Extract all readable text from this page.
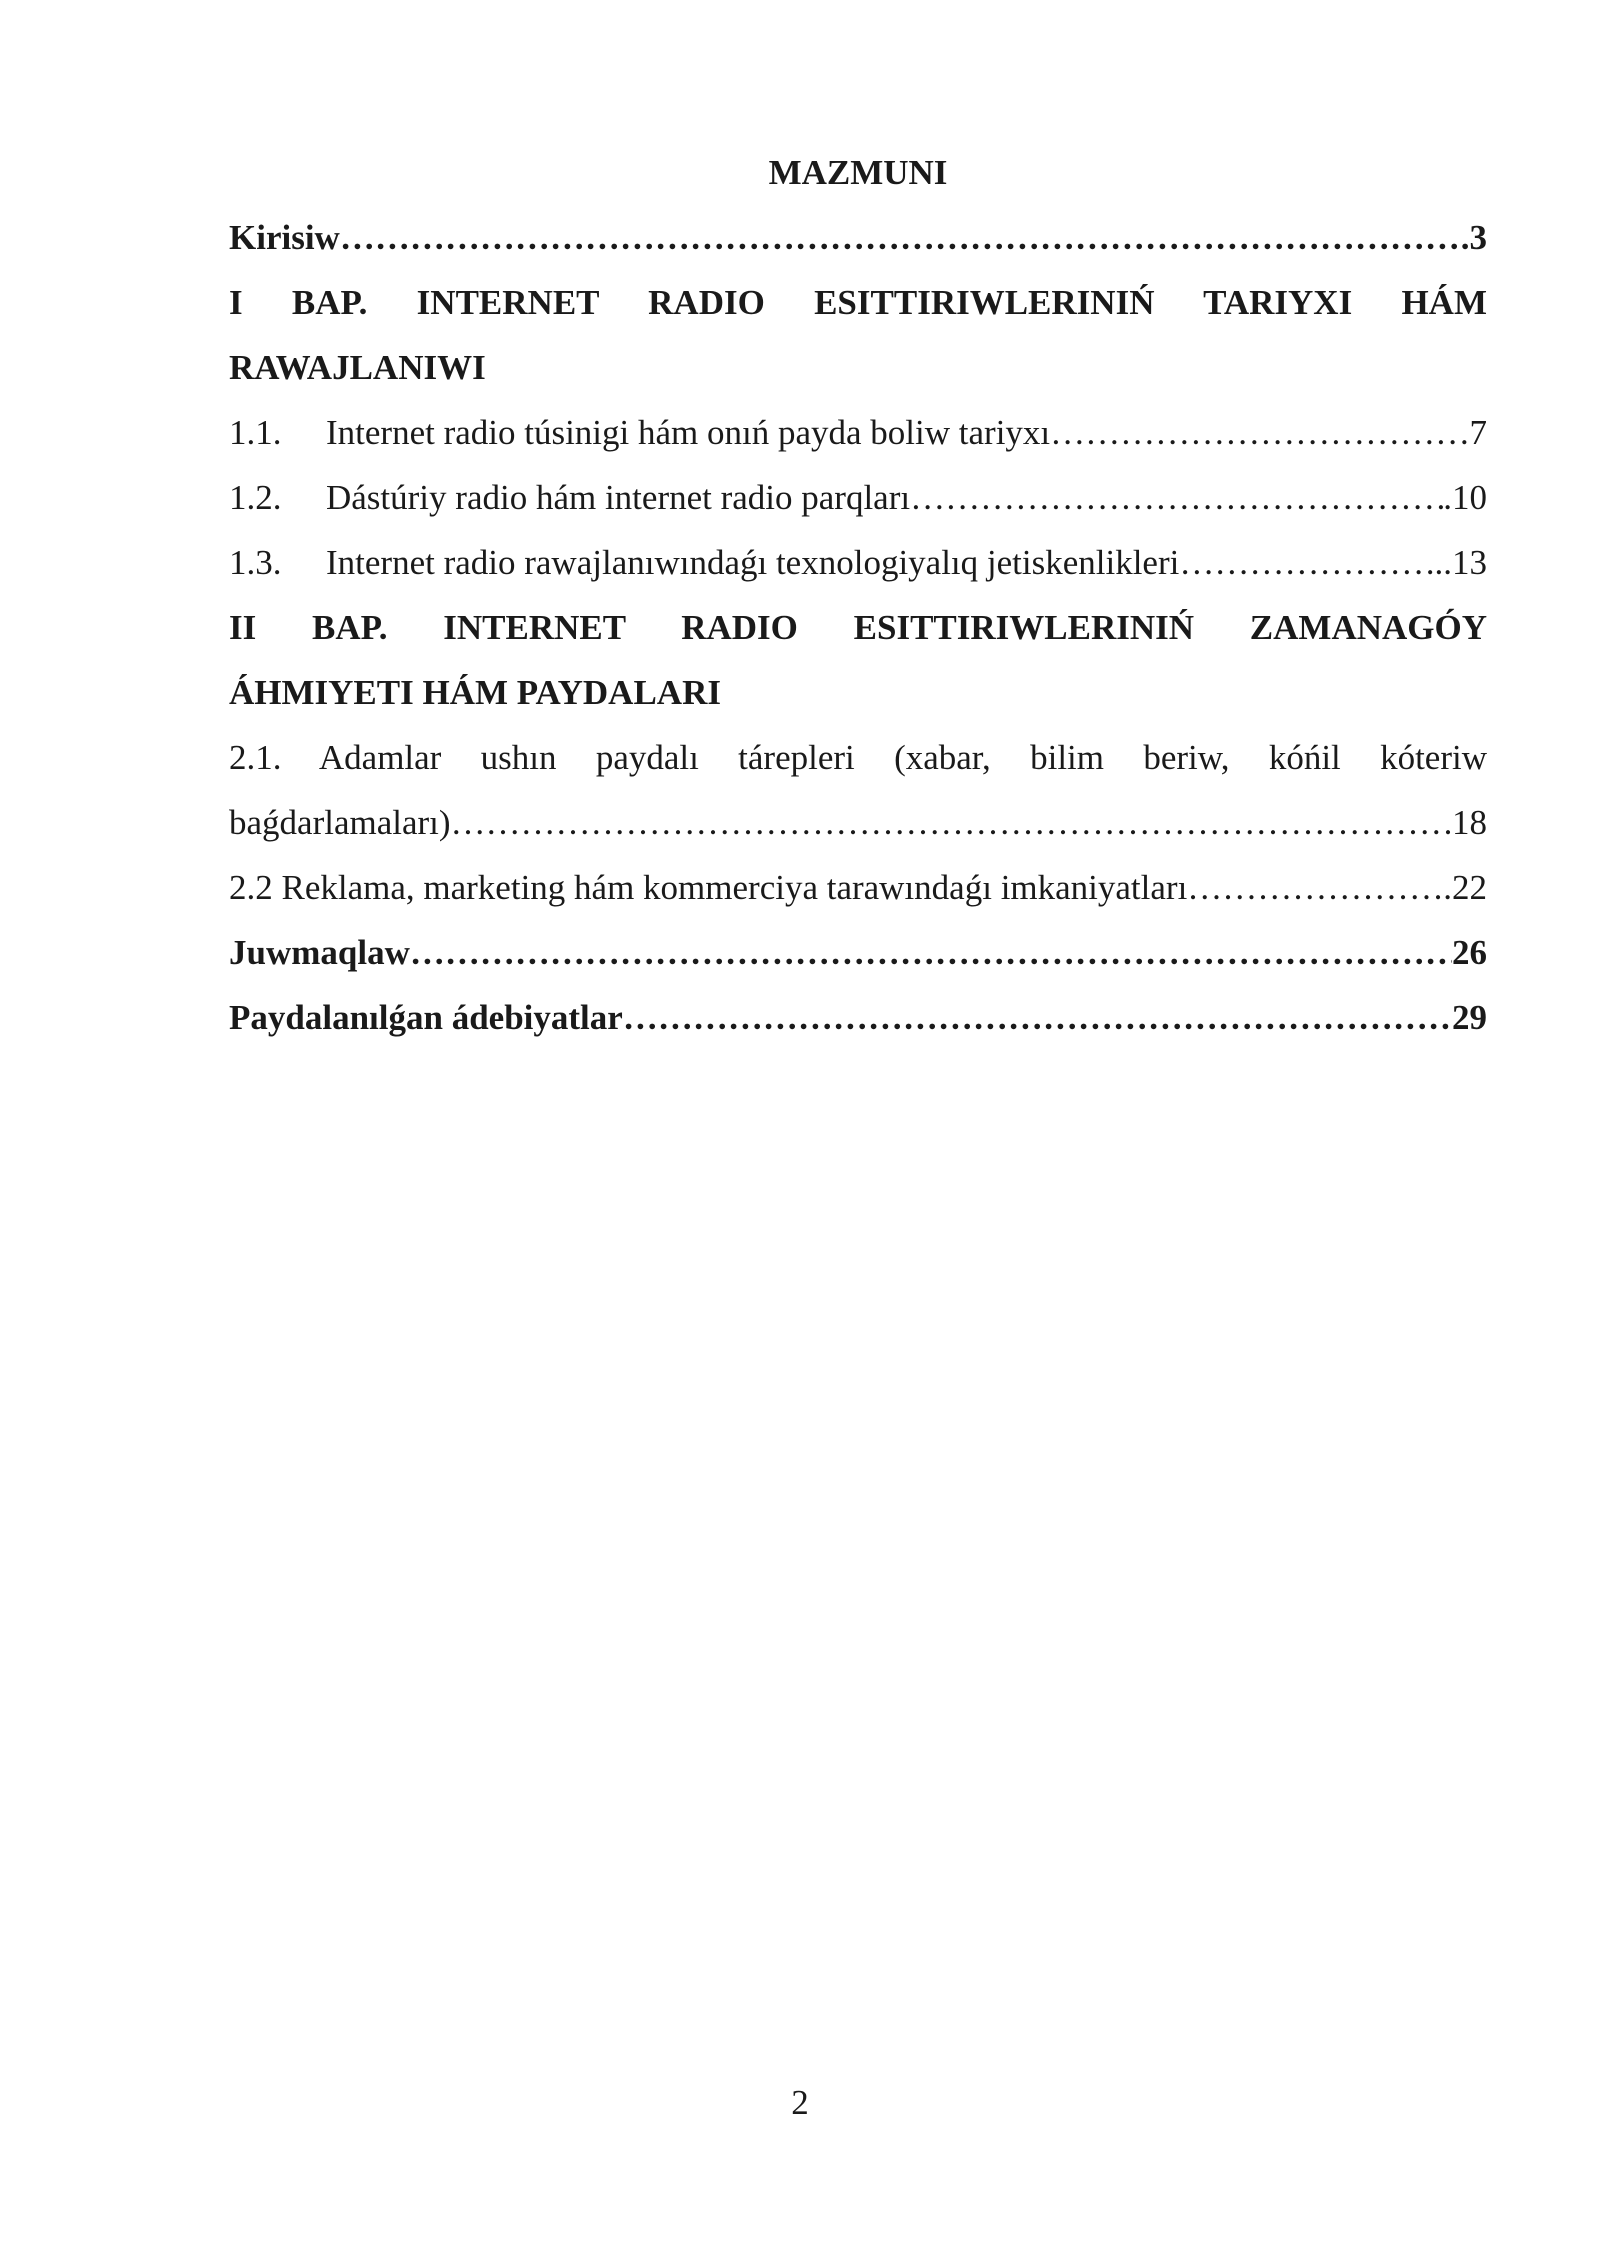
MAZMUNI
Kirisiw …………………………………………………………………………………………………………………………………………………………………………………………………………	.3
I BAP. INTERNET RADIO ESITTIRIWLERINIŃ TARIYXI HÁM
RAWAJLANIWI
1.1.	Internet radio túsinigi hám onıń payda boliw tariyxı …………………………………………………………………………………………………………………………………………………………………………………………………………	7
1.2.	Dástúriy radio hám internet radio parqları …………………………………………………………………………………………………………………………………………………………………………………………………………	.10
1.3.	Internet radio rawajlanıwındaǵı texnologiyalıq jetiskenlikleri …………………………………………………………………………………………………………………………………………………………………………………………………………	..13
II BAP. INTERNET RADIO ESITTIRIWLERINIŃ ZAMANAGÓY
ÁHMIYETI HÁM PAYDALARI
2.1. Adamlar ushın paydalı tárepleri (xabar, bilim beriw, kóńil kóteriw
baǵdarlamaları) …………………………………………………………………………………………………………………………………………………………………………………………………………	18
2.2 Reklama, marketing hám kommerciya tarawındaǵı imkaniyatları …………………………………………………………………………………………………………………………………………………………………………………………………………	.22
Juwmaqlaw …………………………………………………………………………………………………………………………………………………………………………………………………………	26
Paydalanılǵan ádebiyatlar …………………………………………………………………………………………………………………………………………………………………………………………………………	29
2
